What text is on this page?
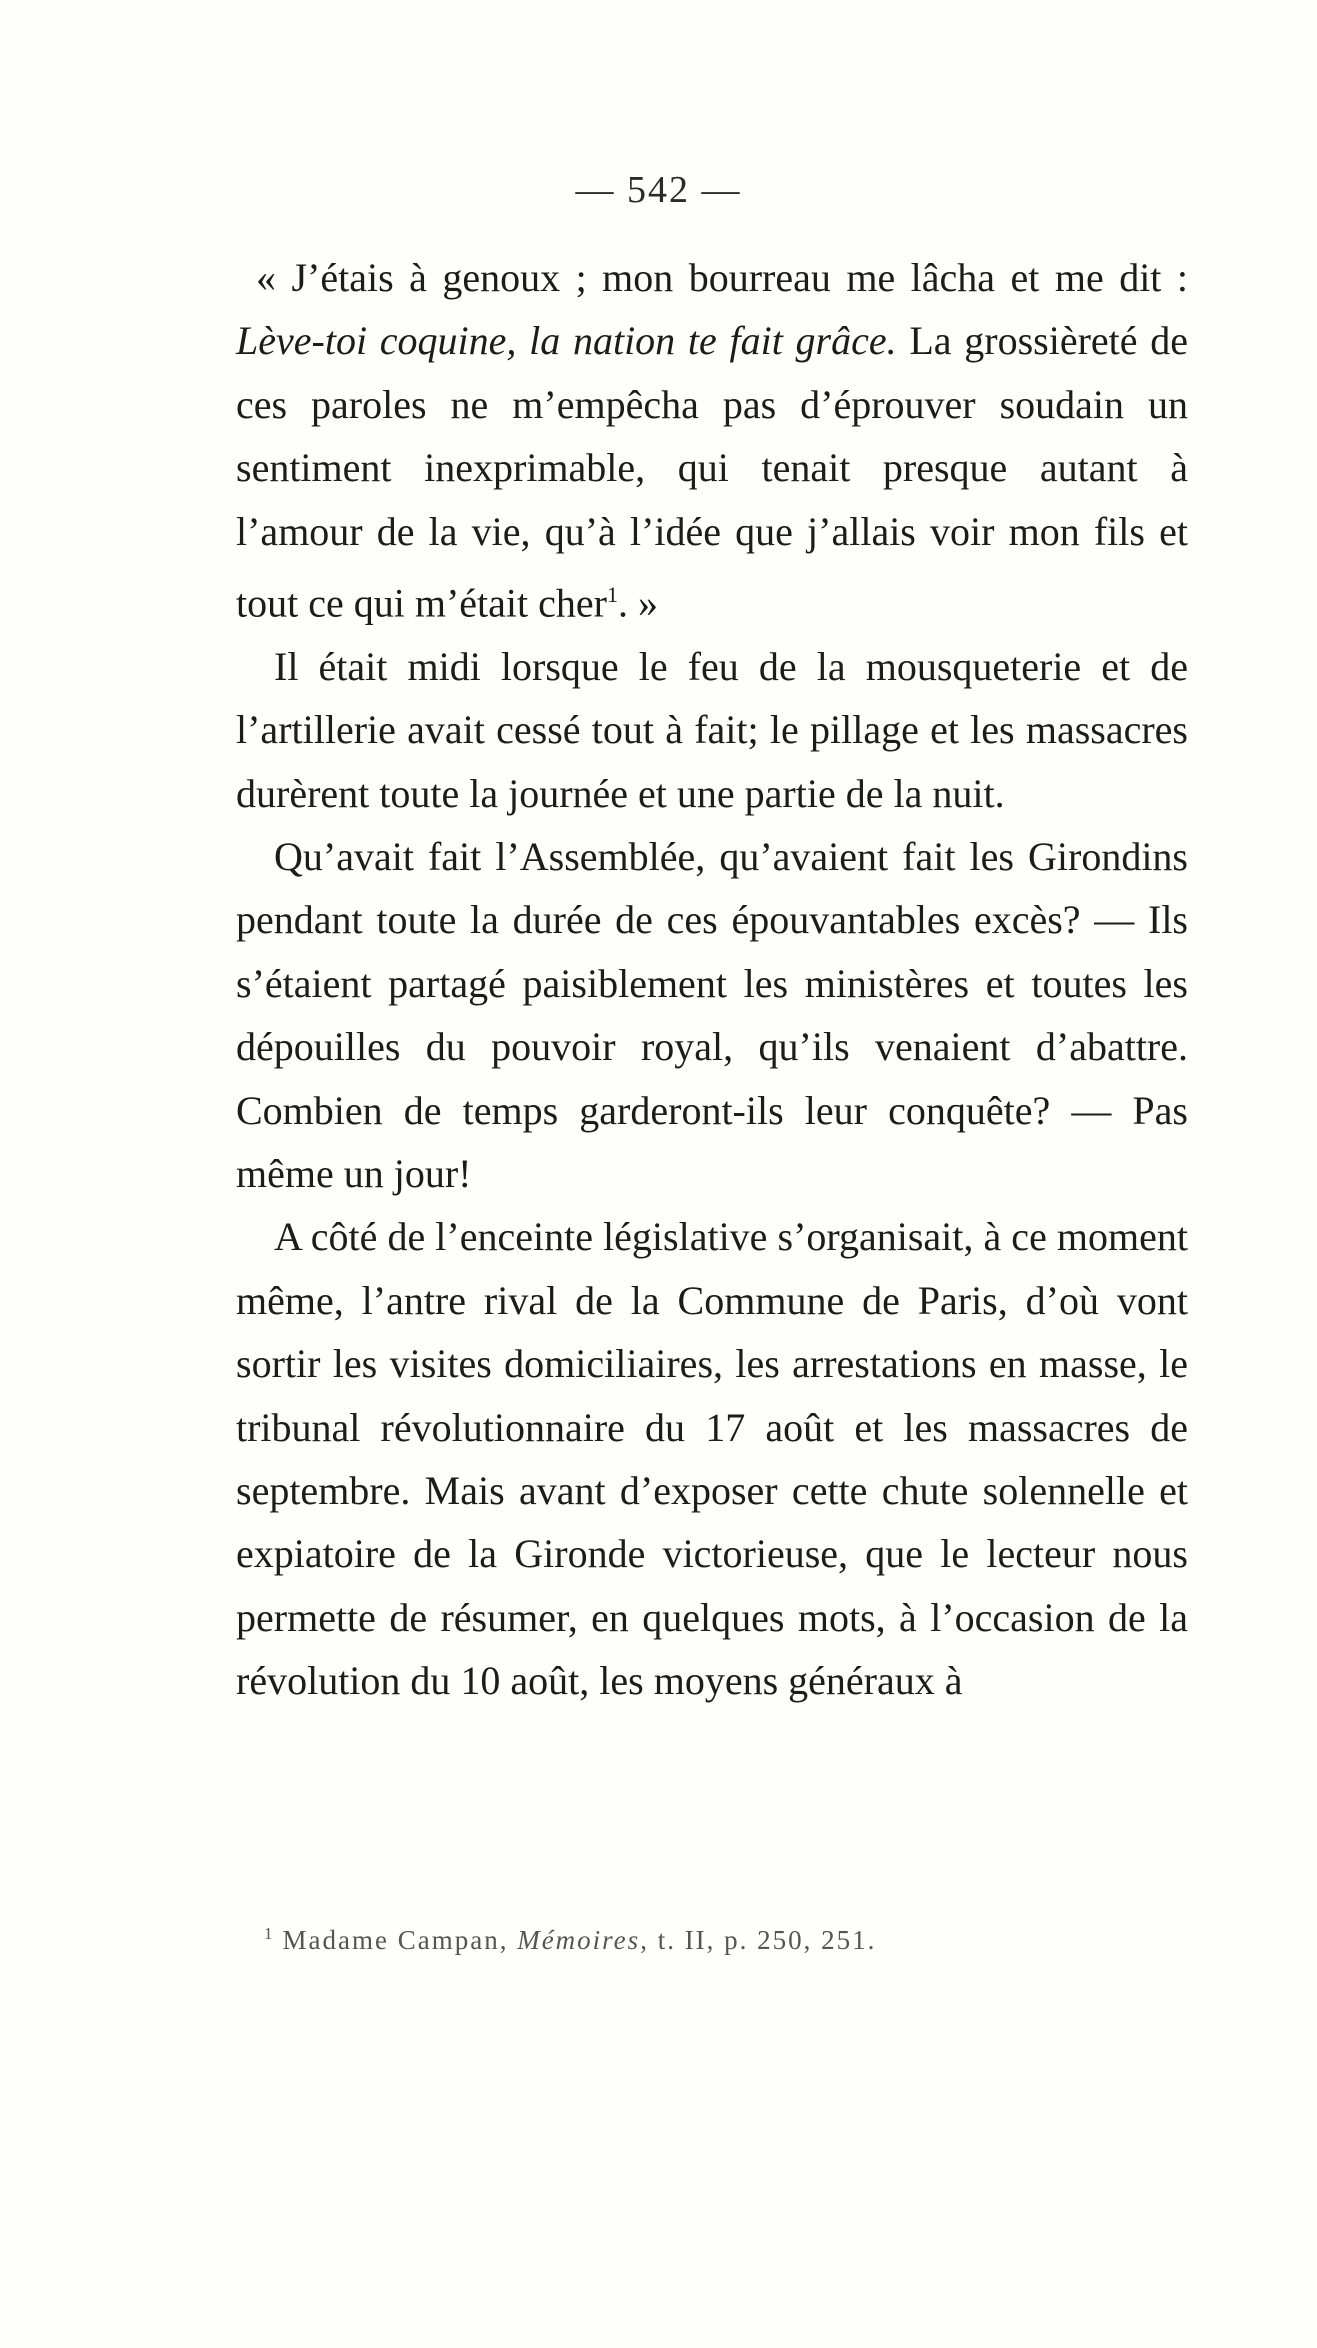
— 542 —

« J’étais à genoux ; mon bourreau me lâcha et me dit : Lève-toi coquine, la nation te fait grâce. La grossièreté de ces paroles ne m’empêcha pas d’éprouver soudain un sentiment inexprimable, qui tenait presque autant à l’amour de la vie, qu’à l’idée que j’allais voir mon fils et tout ce qui m’était cher$^1$. »

Il était midi lorsque le feu de la mousqueterie et de l’artillerie avait cessé tout à fait; le pillage et les massacres durèrent toute la journée et une partie de la nuit.

Qu’avait fait l’Assemblée, qu’avaient fait les Girondins pendant toute la durée de ces épouvantables excès? — Ils s’étaient partagé paisiblement les ministères et toutes les dépouilles du pouvoir royal, qu’ils venaient d’abattre. Combien de temps garderont-ils leur conquête? — Pas même un jour!

A côté de l’enceinte législative s’organisait, à ce moment même, l’antre rival de la Commune de Paris, d’où vont sortir les visites domiciliaires, les arrestations en masse, le tribunal révolutionnaire du 17 août et les massacres de septembre. Mais avant d’exposer cette chute solennelle et expiatoire de la Gironde victorieuse, que le lecteur nous permette de résumer, en quelques mots, à l’occasion de la révolution du 10 août, les moyens généraux à

$^1$ Madame Campan, Mémoires, t. II, p. 250, 251.
